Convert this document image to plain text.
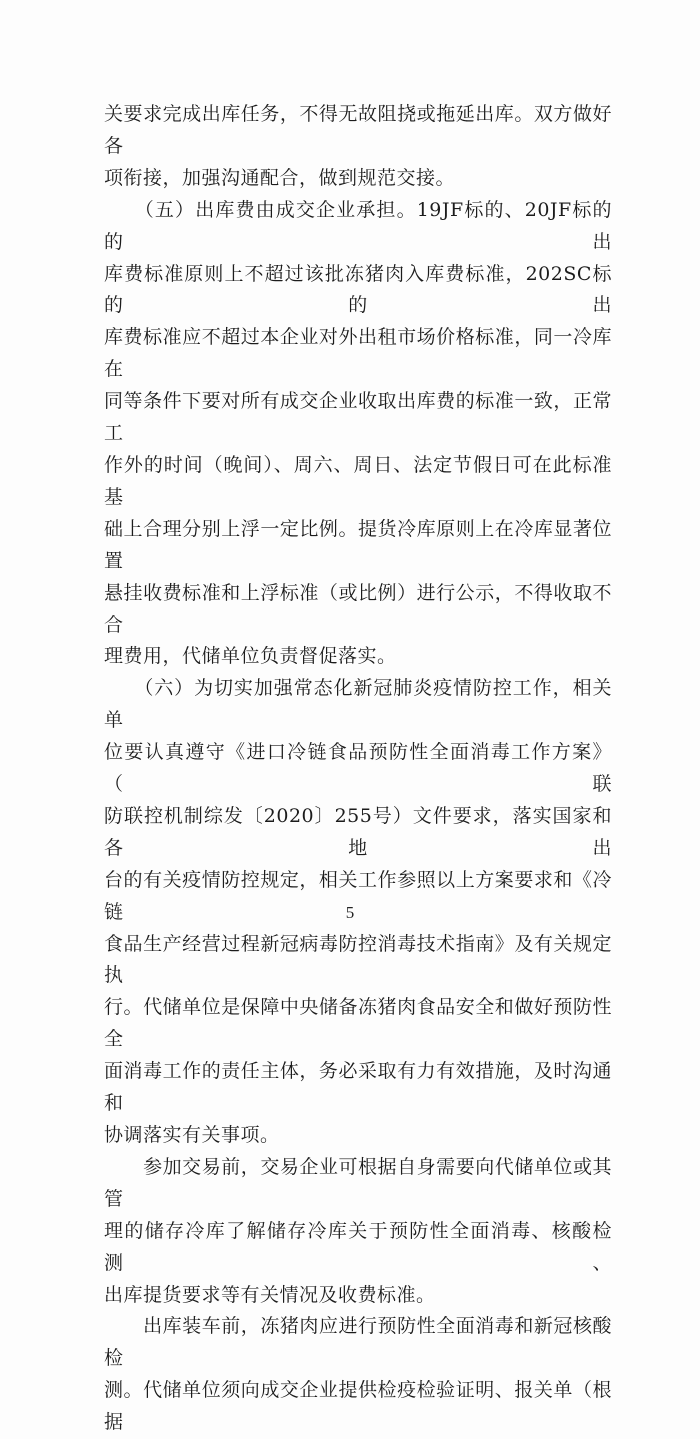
关要求完成出库任务，不得无故阻挠或拖延出库。双方做好各

项衔接，加强沟通配合，做到规范交接。

　　（五）出库费由成交企业承担。19JF标的、20JF标的的出

库费标准原则上不超过该批冻猪肉入库费标准，202SC标的的出

库费标准应不超过本企业对外出租市场价格标准，同一冷库在

同等条件下要对所有成交企业收取出库费的标准一致，正常工

作外的时间（晚间）、周六、周日、法定节假日可在此标准基

础上合理分别上浮一定比例。提货冷库原则上在冷库显著位置

悬挂收费标准和上浮标准（或比例）进行公示，不得收取不合

理费用，代储单位负责督促落实。

　　（六）为切实加强常态化新冠肺炎疫情防控工作，相关单

位要认真遵守《进口冷链食品预防性全面消毒工作方案》（联

防联控机制综发〔2020〕255号）文件要求，落实国家和各地出

台的有关疫情防控规定，相关工作参照以上方案要求和《冷链

食品生产经营过程新冠病毒防控消毒技术指南》及有关规定执

行。代储单位是保障中央储备冻猪肉食品安全和做好预防性全

面消毒工作的责任主体，务必采取有力有效措施，及时沟通和

协调落实有关事项。

　　参加交易前，交易企业可根据自身需要向代储单位或其管

理的储存冷库了解储存冷库关于预防性全面消毒、核酸检测、

出库提货要求等有关情况及收费标准。

　　出库装车前，冻猪肉应进行预防性全面消毒和新冠核酸检

测。代储单位须向成交企业提供检疫检验证明、报关单（根据

5
